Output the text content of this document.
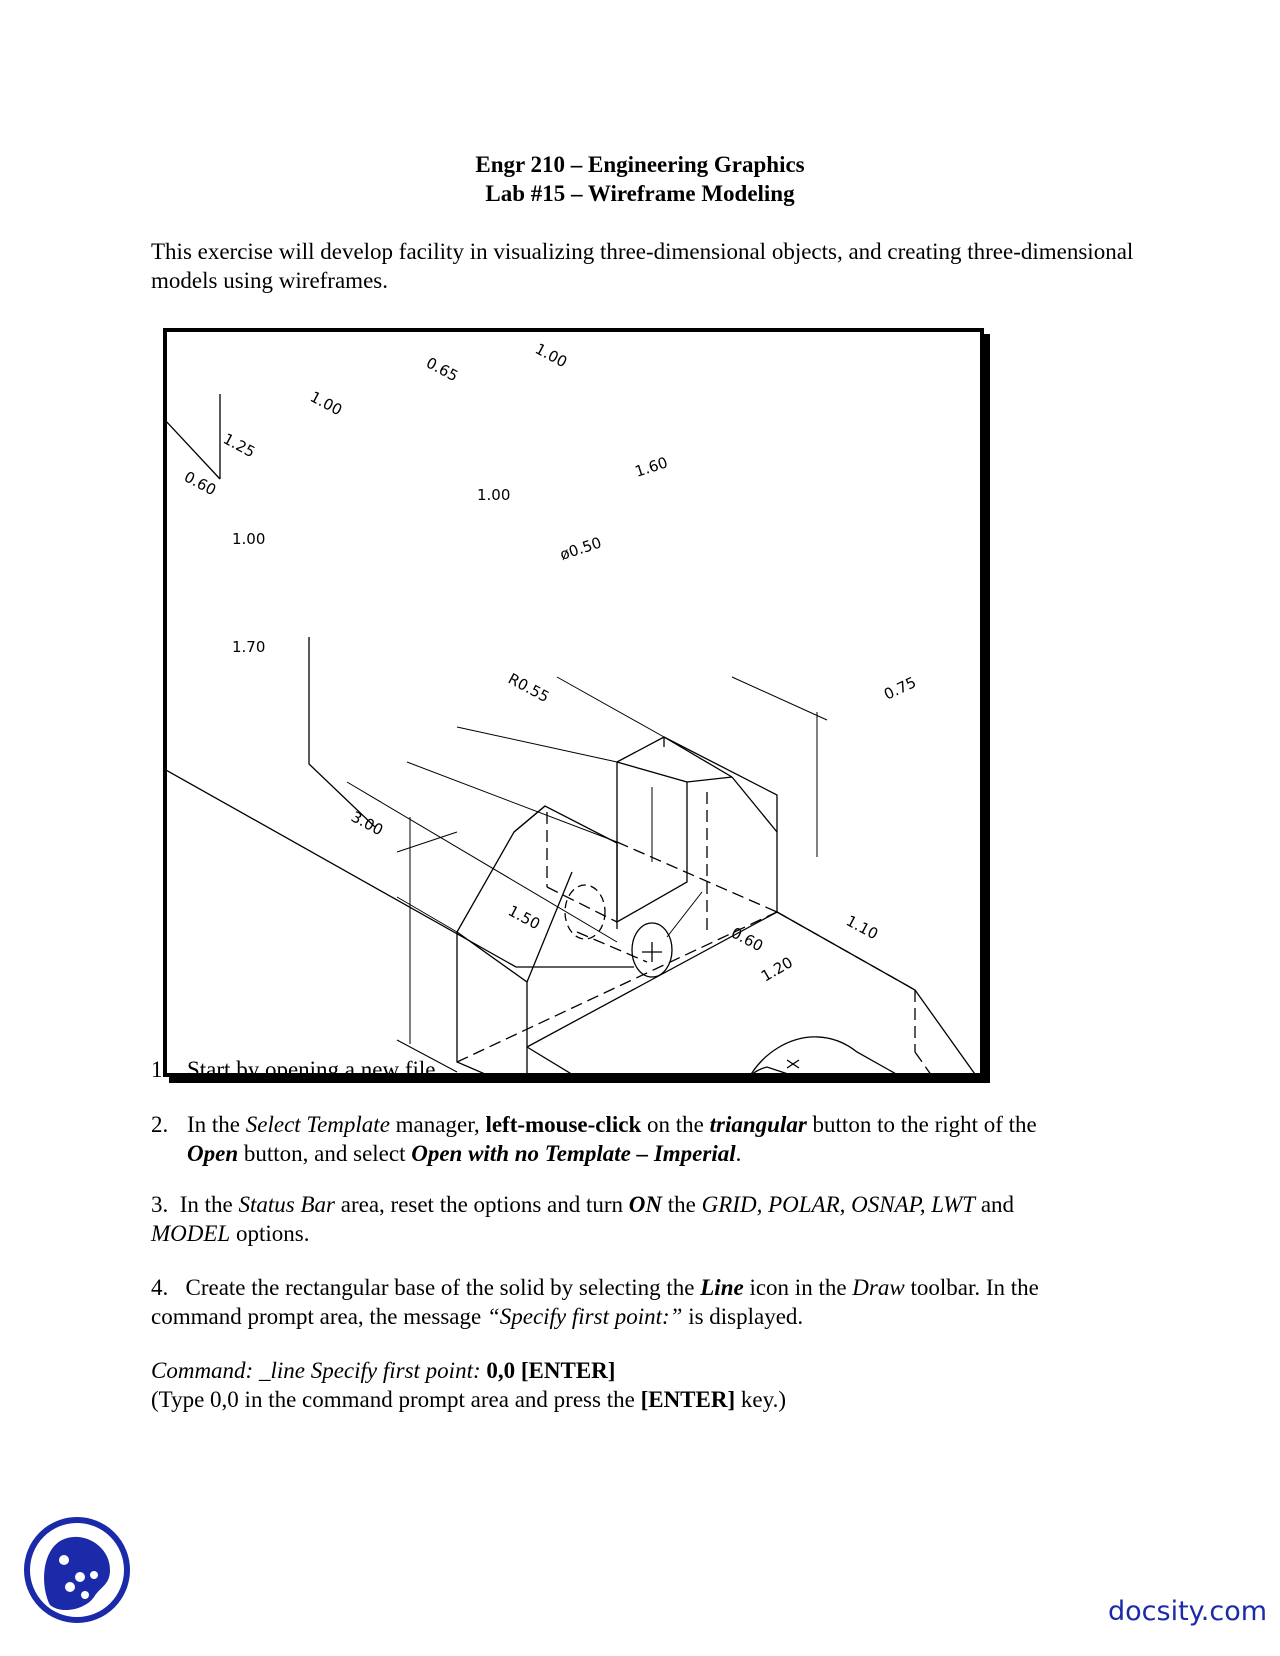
Engr 210 – Engineering Graphics
Lab #15 – Wireframe Modeling
This exercise will develop facility in visualizing three-dimensional objects, and creating three-dimensional models using wireframes.
0.65
1.00
1.00
1.25
0.60
1.00
1.70
1.00
1.60
ø0.50
R0.55	0.75
3.00
1.50
0.60
1.20
1.10
1. Start by opening a new file.
2. In the Select Template manager, left-mouse-click on the triangular button to the right of the
Open button, and select Open with no Template – Imperial.
3. In the Status Bar area, reset the options and turn ON the GRID, POLAR, OSNAP, LWT and
MODEL options.
4. Create the rectangular base of the solid by selecting the Line icon in the Draw toolbar. In the
command prompt area, the message “Specify first point:” is displayed.
Command: _line Specify first point: 0,0 [ENTER]
(Type 0,0 in the command prompt area and press the [ENTER] key.)
docsity.com
